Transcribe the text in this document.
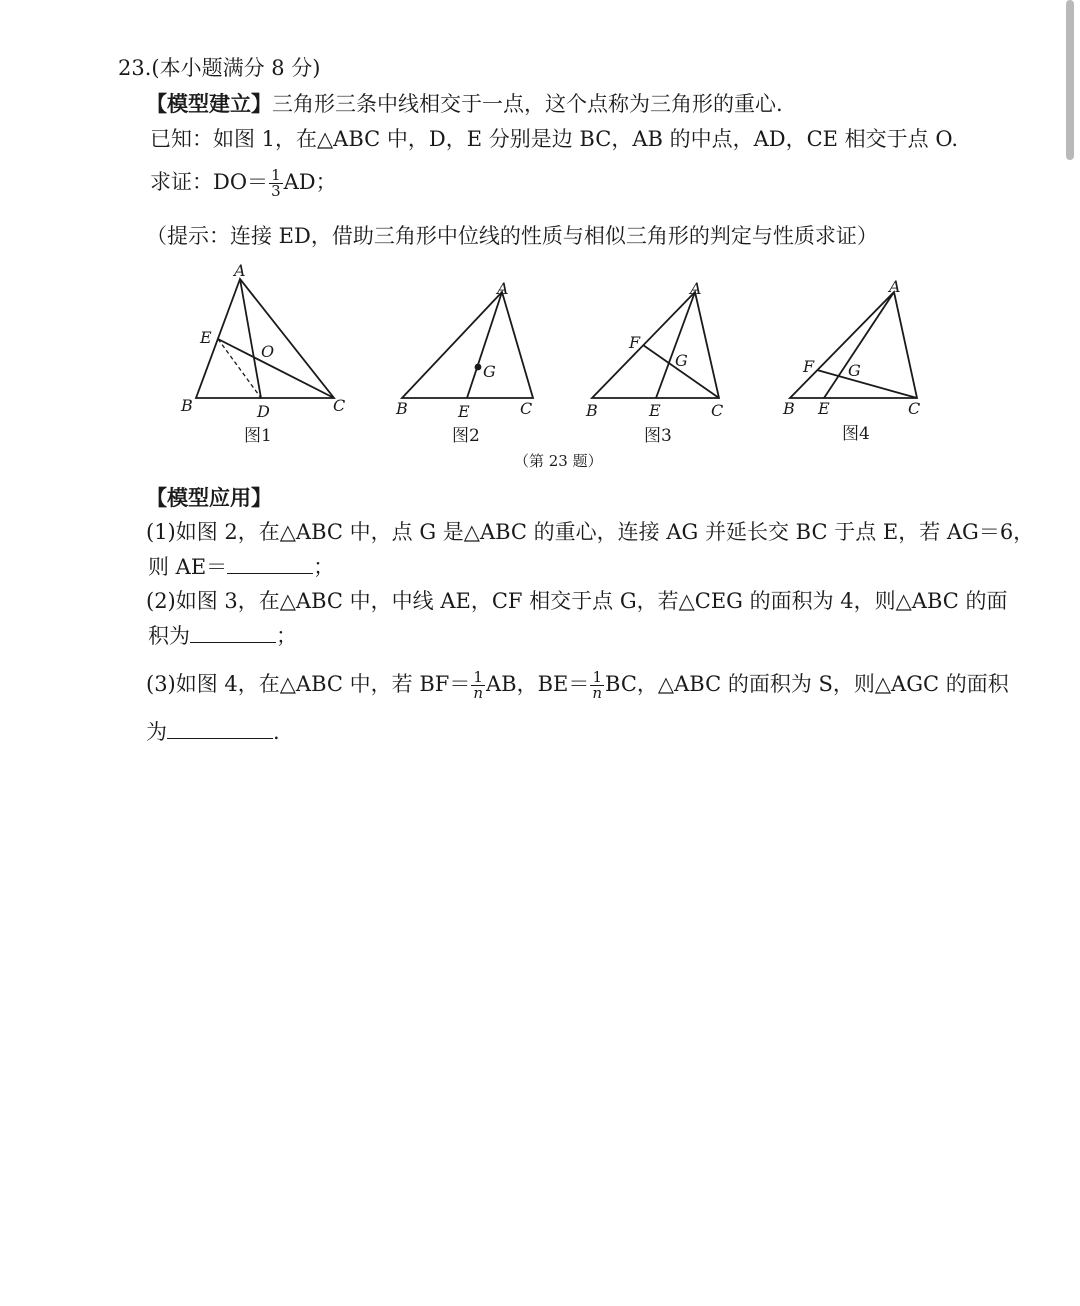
23.(本小题满分 8 分)
【模型建立】三角形三条中线相交于一点，这个点称为三角形的重心.
已知：如图 1，在△ABC 中，D，E 分别是边 BC，AB 的中点，AD，CE 相交于点 O.
求证：$DO= \frac{1}{3}$ AD；
（提示：连接 ED，借助三角形中位线的性质与相似三角形的判定与性质求证）
A
B	C
D
E
O
A
B	C
E
G
A
B	C
E
F
G
A
B	C
E
F G
图1	图2	图3	图4
（第 23 题）
【模型应用】
(1)如图 2，在△ABC 中，点 G 是△ABC 的重心，连接 AG 并延长交 BC 于点 E，若 AG＝6，
则 AE＝	；
(2)如图 3，在△ABC 中，中线 AE，CF 相交于点 G，若△CEG 的面积为 4，则△ABC 的面
积为	；
(3)如图 4，在△ABC 中，若 $BF= \frac{1}{n}$ AB，$BE= \frac{1}{n}$ BC，△ABC 的面积为 S，则△AGC 的面积
为	.
